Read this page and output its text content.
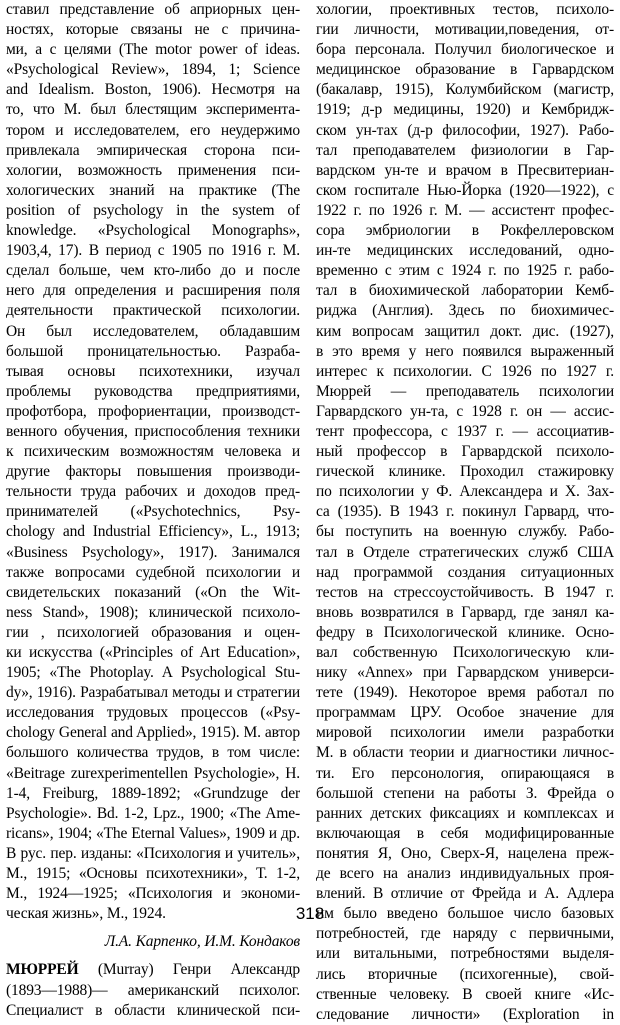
ставил представление об априорных цен-
ностях, которые связаны не с причина-
ми, а с целями (The motor power of ideas.
«Psychological Review», 1894, 1; Science
and Idealism. Boston, 1906). Несмотря на
то, что М. был блестящим эксперимента-
тором и исследователем, его неудержимо
привлекала эмпирическая сторона пси-
хологии, возможность применения пси-
хологических знаний на практике (The
position of psychology in the system of
knowledge. «Psychological Monographs»,
1903,4, 17). В период с 1905 по 1916 г. М.
сделал больше, чем кто-либо до и после
него для определения и расширения поля
деятельности практической психологии.
Он был исследователем, обладавшим
большой проницательностью. Разраба-
тывая основы психотехники, изучал
проблемы руководства предприятиями,
профотбора, профориентации, производст-
венного обучения, приспособления техники
к психическим возможностям человека и
другие факторы повышения производи-
тельности труда рабочих и доходов пред-
принимателей («Psychotechnics, Psy-
chology and Industrial Efficiency», L., 1913;
«Business Psychology», 1917). Занимался
также вопросами судебной психологии и
свидетельских показаний («On the Wit-
ness Stand», 1908); клинической психоло-
гии , психологией образования и оцен-
ки искусства («Principles of Art Education»,
1905; «The Photoplay. A Psychological Stu-
dy», 1916). Разрабатывал методы и стратегии
исследования трудовых процессов («Psy-
chology General and Applied», 1915). М. автор
большого количества трудов, в том числе:
«Beitrage zurexperimentellen Psychologie», H.
1-4, Freiburg, 1889-1892; «Grundzuge der
Psychologie». Bd. 1-2, Lpz., 1900; «The Ame-
ricans», 1904; «The Eternal Values», 1909 и др.
В рус. пер. изданы: «Психология и учитель»,
М., 1915; «Основы психотехники», Т. 1-2,
М., 1924—1925; «Психология и экономи-
ческая жизнь», М., 1924.
Л.А. Карпенко, И.М. Кондаков
МЮРРЕЙ (Murray) Генри Александр
(1893—1988)— американский психолог.
Специалист в области клинической пси-
хологии, проективных тестов, психоло-
гии личности, мотивации,поведения, от-
бора персонала. Получил биологическое и
медицинское образование в Гарвардском
(бакалавр, 1915), Колумбийском (магистр,
1919; д-р медицины, 1920) и Кембридж-
ском ун-тах (д-р философии, 1927). Рабо-
тал преподавателем физиологии в Гар-
вардском ун-те и врачом в Пресвитериан-
ском госпитале Нью-Йорка (1920—1922), с
1922 г. по 1926 г. М. — ассистент профес-
сора эмбриологии в Рокфеллеровском
ин-те медицинских исследований, одно-
временно с этим с 1924 г. по 1925 г. рабо-
тал в биохимической лаборатории Кемб-
риджа (Англия). Здесь по биохимичес-
ким вопросам защитил докт. дис. (1927),
в это время у него появился выраженный
интерес к психологии. С 1926 по 1927 г.
Мюррей — преподаватель психологии
Гарвардского ун-та, с 1928 г. он — ассис-
тент профессора, с 1937 г. — ассоциатив-
ный профессор в Гарвардской психоло-
гической клинике. Проходил стажировку
по психологии у Ф. Александера и Х. Зах-
са (1935). В 1943 г. покинул Гарвард, что-
бы поступить на военную службу. Рабо-
тал в Отделе стратегических служб США
над программой создания ситуационных
тестов на стрессоустойчивость. В 1947 г.
вновь возвратился в Гарвард, где занял ка-
федру в Психологической клинике. Осно-
вал собственную Психологическую кли-
нику «Annex» при Гарвардском универси-
тете (1949). Некоторое время работал по
программам ЦРУ. Особое значение для
мировой психологии имели разработки
М. в области теории и диагностики личнос-
ти. Его персонология, опирающаяся в
большой степени на работы З. Фрейда о
ранних детских фиксациях и комплексах и
включающая в себя модифицированные
понятия Я, Оно, Сверх-Я, нацелена преж-
де всего на анализ индивидуальных проя-
влений. В отличие от Фрейда и А. Адлера
им было введено большое число базовых
потребностей, где наряду с первичными,
или витальными, потребностями выделя-
лись вторичные (психогенные), свой-
ственные человеку. В своей книге «Ис-
следование личности» (Exploration in
318
